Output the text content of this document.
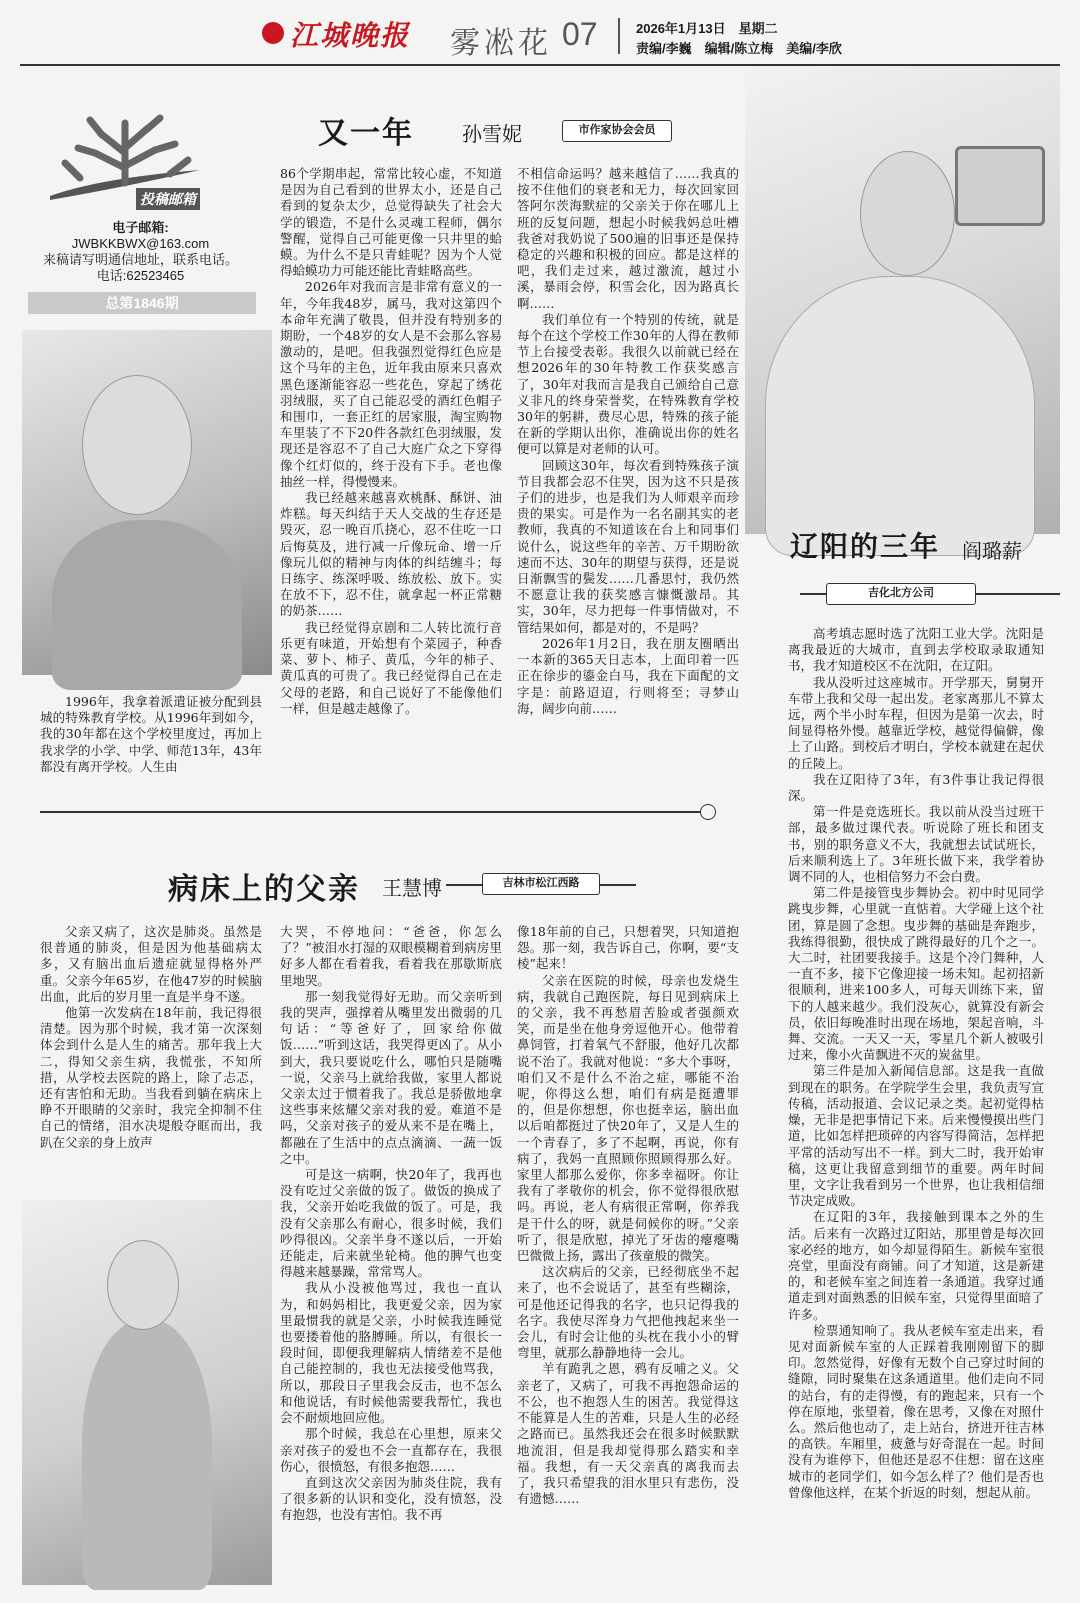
江城晚报 雾凇花 07	2026年1月13日　星期二
责编/李巍　编辑/陈立梅　美编/李欣
投稿邮箱
电子邮箱:
JWBKKBWX@163.com
来稿请写明通信地址，联系电话。
电话:62523465
总第1846期
又一年 孙雪妮	市作家协会会员

1996年，我拿着派遣证被分配到县城的特殊教育学校。从1996年到如今，我的30年都在这个学校里度过，再加上我求学的小学、中学、师范13年，43年都没有离开学校。人生由

86个学期串起，常常比较心虚，不知道是因为自己看到的世界太小，还是自己看到的复杂太少，总觉得缺失了社会大学的锻造，不是什么灵魂工程师，偶尔警醒，觉得自己可能更像一只井里的蛤蟆。为什么不是只青蛙呢？因为个人觉得蛤蟆功力可能还能比青蛙略高些。

2026年对我而言是非常有意义的一年，今年我48岁，属马，我对这第四个本命年充满了敬畏，但并没有特别多的期盼，一个48岁的女人是不会那么容易激动的，是吧。但我强烈觉得红色应是这个马年的主色，近年我由原来只喜欢黑色逐渐能容忍一些花色，穿起了绣花羽绒服，买了自己能忍受的酒红色帽子和围巾，一套正红的居家服，淘宝购物车里装了不下20件各款红色羽绒服，发现还是容忍不了自己大庭广众之下穿得像个红灯似的，终于没有下手。老也像抽丝一样，得慢慢来。

我已经越来越喜欢桃酥、酥饼、油炸糕。每天纠结于天人交战的生存还是毁灭，忍一晚百爪挠心，忍不住吃一口后悔莫及，进行减一斤像玩命、增一斤像玩儿似的精神与肉体的纠结缠斗；每日练字、练深呼吸、练放松、放下。实在放不下，忍不住，就拿起一杯正常糖的奶茶……

我已经觉得京剧和二人转比流行音乐更有味道，开始想有个菜园子，种香菜、萝卜、柿子、黄瓜，今年的柿子、黄瓜真的可贵了。我已经觉得自己在走父母的老路，和自己说好了不能像他们一样，但是越走越像了。

不相信命运吗？越来越信了……我真的按不住他们的衰老和无力，每次回家回答阿尔茨海默症的父亲关于你在哪儿上班的反复问题，想起小时候我妈总吐槽我爸对我奶说了500遍的旧事还是保持稳定的兴趣和积极的回应。都是这样的吧，我们走过来，越过激流，越过小溪，暴雨会停，积雪会化，因为路真长啊……

我们单位有一个特别的传统，就是每个在这个学校工作30年的人得在教师节上台接受表彰。我很久以前就已经在想2026年的30年特教工作获奖感言了，30年对我而言是我自己颁给自己意义非凡的终身荣誉奖，在特殊教育学校30年的躬耕，费尽心思，特殊的孩子能在新的学期认出你，准确说出你的姓名便可以算是对老师的认可。

回顾这30年，每次看到特殊孩子演节目我都会忍不住哭，因为这不只是孩子们的进步，也是我们为人师艰辛而珍贵的果实。可是作为一名名副其实的老教师，我真的不知道该在台上和同事们说什么，说这些年的辛苦、万千期盼欲速而不达、30年的期望与获得，还是说日渐飘雪的鬓发……几番思忖，我仍然不愿意让我的获奖感言慷慨激昂。其实，30年，尽力把每一件事情做对，不管结果如何，都是对的，不是吗？

2026年1月2日，我在朋友圈晒出一本新的365天日志本，上面印着一匹正在徐步的鎏金白马，我在下面配的文字是：前路迢迢，行则将至；寻梦山海，阔步向前……

辽阳的三年 阎璐薪
吉化北方公司

高考填志愿时选了沈阳工业大学。沈阳是离我最近的大城市，直到去学校取录取通知书，我才知道校区不在沈阳，在辽阳。

我从没听过这座城市。开学那天，舅舅开车带上我和父母一起出发。老家离那儿不算太远，两个半小时车程，但因为是第一次去，时间显得格外慢。越靠近学校，越觉得偏僻，像上了山路。到校后才明白，学校本就建在起伏的丘陵上。

我在辽阳待了3年，有3件事让我记得很深。

第一件是竞选班长。我以前从没当过班干部，最多做过课代表。听说除了班长和团支书，别的职务意义不大，我就想去试试班长，后来顺利选上了。3年班长做下来，我学着协调不同的人，也相信努力不会白费。

第二件是接管曳步舞协会。初中时见同学跳曳步舞，心里就一直惦着。大学碰上这个社团，算是圆了念想。曳步舞的基础是奔跑步，我练得很勤，很快成了跳得最好的几个之一。大二时，社团要我接手。这是个冷门舞种，人一直不多，接下它像迎接一场未知。起初招新很顺利，进来100多人，可每天训练下来，留下的人越来越少。我们没灰心，就算没有新会员，依旧每晚准时出现在场地，架起音响，斗舞、交流。一天又一天，零星几个新人被吸引过来，像小火苗飘进不灭的炭盆里。

第三件是加入新闻信息部。这是我一直做到现在的职务。在学院学生会里，我负责写宣传稿，活动报道、会议记录之类。起初觉得枯燥，无非是把事情记下来。后来慢慢摸出些门道，比如怎样把琐碎的内容写得简洁，怎样把平常的活动写出不一样。到大二时，我开始审稿，这更让我留意到细节的重要。两年时间里，文字让我看到另一个世界，也让我相信细节决定成败。

在辽阳的3年，我接触到课本之外的生活。后来有一次路过辽阳站，那里曾是每次回家必经的地方，如今却显得陌生。新候车室很亮堂，里面没有商铺。问了才知道，这是新建的，和老候车室之间连着一条通道。我穿过通道走到对面熟悉的旧候车室，只觉得里面暗了许多。

检票通知响了。我从老候车室走出来，看见对面新候车室的人正踩着我刚刚留下的脚印。忽然觉得，好像有无数个自己穿过时间的缝隙，同时聚集在这条通道里。他们走向不同的站台，有的走得慢，有的跑起来，只有一个停在原地，张望着，像在思考，又像在对照什么。然后他也动了，走上站台，挤进开往吉林的高铁。车厢里，疲惫与好奇混在一起。时间没有为谁停下，但他还是忍不住想：留在这座城市的老同学们，如今怎么样了？他们是否也曾像他这样，在某个折返的时刻，想起从前。

病床上的父亲 王慧博	吉林市松江西路

父亲又病了，这次是肺炎。虽然是很普通的肺炎，但是因为他基础病太多，又有脑出血后遗症就显得格外严重。父亲今年65岁，在他47岁的时候脑出血，此后的岁月里一直是半身不遂。

他第一次发病在18年前，我记得很清楚。因为那个时候，我才第一次深刻体会到什么是人生的痛苦。那年我上大二，得知父亲生病，我慌张，不知所措，从学校去医院的路上，除了忐忑，还有害怕和无助。当我看到躺在病床上睁不开眼睛的父亲时，我完全抑制不住自己的情绪，泪水决堤般夺眶而出，我趴在父亲的身上放声

大哭，不停地问：“爸爸，你怎么了？”被泪水打湿的双眼模糊着到病房里好多人都在看着我，看着我在那歇斯底里地哭。

那一刻我觉得好无助。而父亲听到我的哭声，强撑着从嘴里发出微弱的几句话：“等爸好了，回家给你做饭……”听到这话，我哭得更凶了。从小到大，我只要说吃什么，哪怕只是随嘴一说，父亲马上就给我做，家里人都说父亲太过于惯着我了。我总是骄傲地拿这些事来炫耀父亲对我的爱。难道不是吗，父亲对孩子的爱从来不是在嘴上，都融在了生活中的点点滴滴、一蔬一饭之中。

可是这一病啊，快20年了，我再也没有吃过父亲做的饭了。做饭的换成了我，父亲开始吃我做的饭了。可是，我没有父亲那么有耐心，很多时候，我们吵得很凶。父亲半身不遂以后，一开始还能走，后来就坐轮椅。他的脾气也变得越来越暴躁，常常骂人。

我从小没被他骂过，我也一直认为，和妈妈相比，我更爱父亲，因为家里最惯我的就是父亲，小时候我连睡觉也要搂着他的胳膊睡。所以，有很长一段时间，即便我理解病人情绪差不是他自己能控制的，我也无法接受他骂我，所以，那段日子里我会反击，也不怎么和他说话，有时候他需要我帮忙，我也会不耐烦地回应他。

那个时候，我总在心里想，原来父亲对孩子的爱也不会一直都存在，我很伤心，很愤怒，有很多抱怨……

直到这次父亲因为肺炎住院，我有了很多新的认识和变化，没有愤怒，没有抱怨，也没有害怕。我不再

像18年前的自己，只想着哭，只知道抱怨。那一刻，我告诉自己，你啊，要“支棱”起来！

父亲在医院的时候，母亲也发烧生病，我就自己跑医院，每日见到病床上的父亲，我不再愁眉苦脸或者强颜欢笑，而是坐在他身旁逗他开心。他带着鼻饲管，打着氧气不舒服，他好几次都说不治了。我就对他说：“多大个事呀，咱们又不是什么不治之症，哪能不治呢，你得这么想，咱们有病是挺遭罪的，但是你想想，你也挺幸运，脑出血以后咱都挺过了快20年了，又是人生的一个青春了，多了不起啊，再说，你有病了，我妈一直照顾你照顾得那么好。家里人都那么爱你，你多幸福呀。你让我有了孝敬你的机会，你不觉得很欣慰吗。再说，老人有病很正常啊，你养我是干什么的呀，就是伺候你的呀。”父亲听了，很是欣慰，掉光了牙齿的瘪瘪嘴巴微微上扬，露出了孩童般的微笑。

这次病后的父亲，已经彻底坐不起来了，也不会说话了，甚至有些糊涂，可是他还记得我的名字，也只记得我的名字。我使尽浑身力气把他拽起来坐一会儿，有时会让他的头枕在我小小的臂弯里，就那么静静地待一会儿。

羊有跪乳之恩，鸦有反哺之义。父亲老了，又病了，可我不再抱怨命运的不公，也不抱怨人生的困苦。我觉得这不能算是人生的苦难，只是人生的必经之路而已。虽然我还会在很多时候默默地流泪，但是我却觉得那么踏实和幸福。我想，有一天父亲真的离我而去了，我只希望我的泪水里只有悲伤，没有遗憾……
